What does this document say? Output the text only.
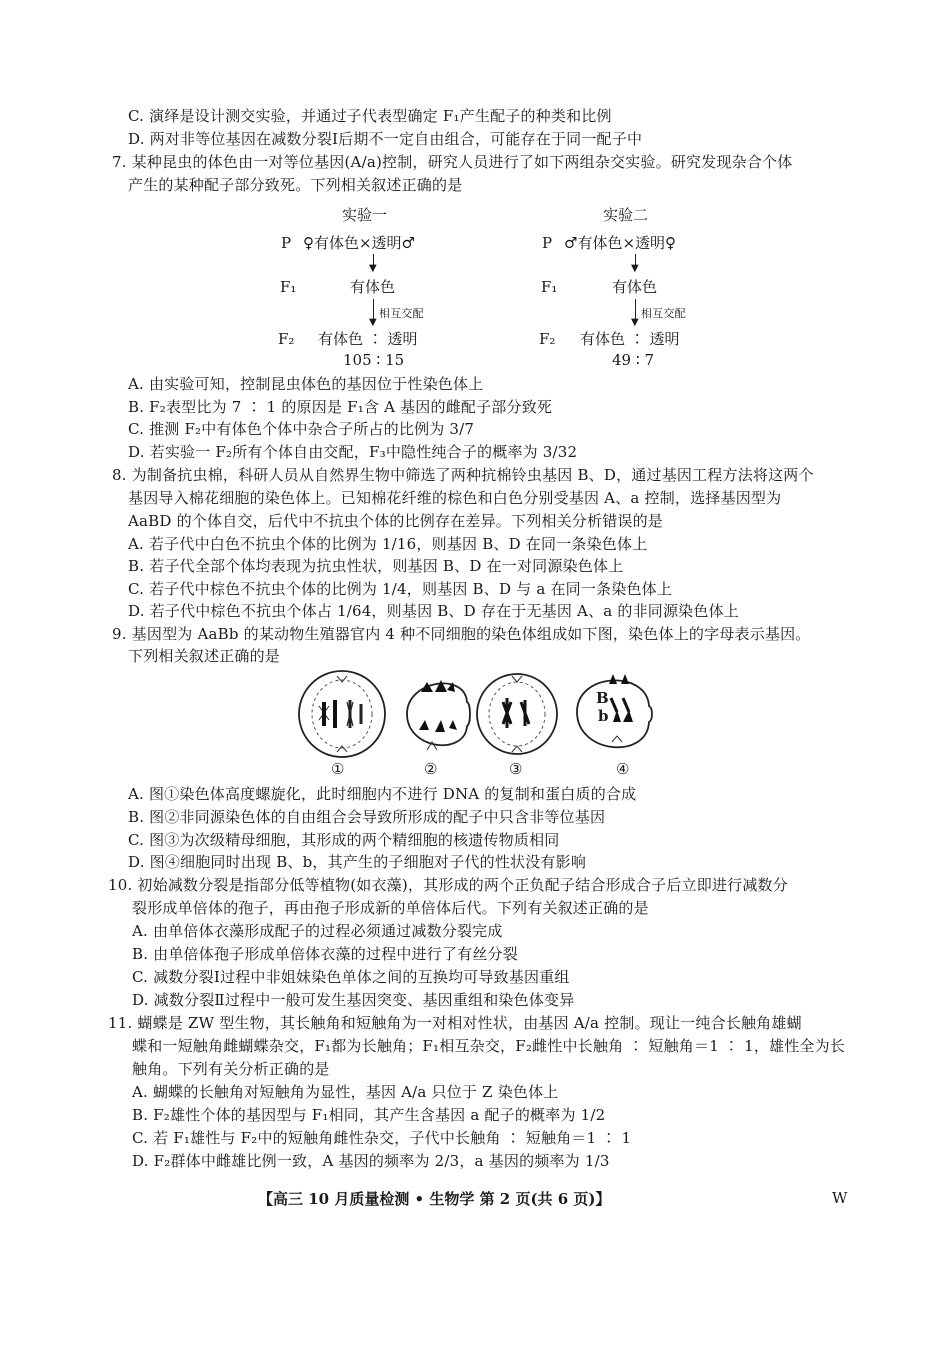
C. 演绎是设计测交实验，并通过子代表型确定 F₁产生配子的种类和比例
D. 两对非等位基因在减数分裂Ⅰ后期不一定自由组合，可能存在于同一配子中
7. 某种昆虫的体色由一对等位基因(A/a)控制，研究人员进行了如下两组杂交实验。研究发现杂合个体
产生的某种配子部分致死。下列相关叙述正确的是
实验一
P ♀有体色×透明♂
▼
F₁	有体色
▼
相互交配
F₂ 有体色 ∶ 透明
105 ∶ 15
实验二
P ♂有体色×透明♀
▼
F₁	有体色
▼
相互交配
F₂ 有体色 ∶ 透明
49 ∶ 7
A. 由实验可知，控制昆虫体色的基因位于性染色体上
B. F₂表型比为 7 ∶ 1 的原因是 F₁含 A 基因的雌配子部分致死
C. 推测 F₂中有体色个体中杂合子所占的比例为 3/7
D. 若实验一 F₂所有个体自由交配，F₃中隐性纯合子的概率为 3/32
8. 为制备抗虫棉，科研人员从自然界生物中筛选了两种抗棉铃虫基因 B、D，通过基因工程方法将这两个
基因导入棉花细胞的染色体上。已知棉花纤维的棕色和白色分别受基因 A、a 控制，选择基因型为
AaBD 的个体自交，后代中不抗虫个体的比例存在差异。下列相关分析错误的是
A. 若子代中白色不抗虫个体的比例为 1/16，则基因 B、D 在同一条染色体上
B. 若子代全部个体均表现为抗虫性状，则基因 B、D 在一对同源染色体上
C. 若子代中棕色不抗虫个体的比例为 1/4，则基因 B、D 与 a 在同一条染色体上
D. 若子代中棕色不抗虫个体占 1/64，则基因 B、D 存在于无基因 A、a 的非同源染色体上
9. 基因型为 AaBb 的某动物生殖器官内 4 种不同细胞的染色体组成如下图，染色体上的字母表示基因。
下列相关叙述正确的是
B
b
①	②	③	④
A. 图①染色体高度螺旋化，此时细胞内不进行 DNA 的复制和蛋白质的合成
B. 图②非同源染色体的自由组合会导致所形成的配子中只含非等位基因
C. 图③为次级精母细胞，其形成的两个精细胞的核遗传物质相同
D. 图④细胞同时出现 B、b，其产生的子细胞对子代的性状没有影响
10. 初始减数分裂是指部分低等植物(如衣藻)，其形成的两个正负配子结合形成合子后立即进行减数分
裂形成单倍体的孢子，再由孢子形成新的单倍体后代。下列有关叙述正确的是
A. 由单倍体衣藻形成配子的过程必须通过减数分裂完成
B. 由单倍体孢子形成单倍体衣藻的过程中进行了有丝分裂
C. 减数分裂Ⅰ过程中非姐妹染色单体之间的互换均可导致基因重组
D. 减数分裂Ⅱ过程中一般可发生基因突变、基因重组和染色体变异
11. 蝴蝶是 ZW 型生物，其长触角和短触角为一对相对性状，由基因 A/a 控制。现让一纯合长触角雄蝴
蝶和一短触角雌蝴蝶杂交，F₁都为长触角；F₁相互杂交，F₂雌性中长触角 ∶ 短触角＝1 ∶ 1，雄性全为长
触角。下列有关分析正确的是
A. 蝴蝶的长触角对短触角为显性，基因 A/a 只位于 Z 染色体上
B. F₂雄性个体的基因型与 F₁相同，其产生含基因 a 配子的概率为 1/2
C. 若 F₁雄性与 F₂中的短触角雌性杂交，子代中长触角 ∶ 短触角＝1 ∶ 1
D. F₂群体中雌雄比例一致，A 基因的频率为 2/3，a 基因的频率为 1/3
【高三 10 月质量检测 • 生物学 第 2 页(共 6 页)】	W
